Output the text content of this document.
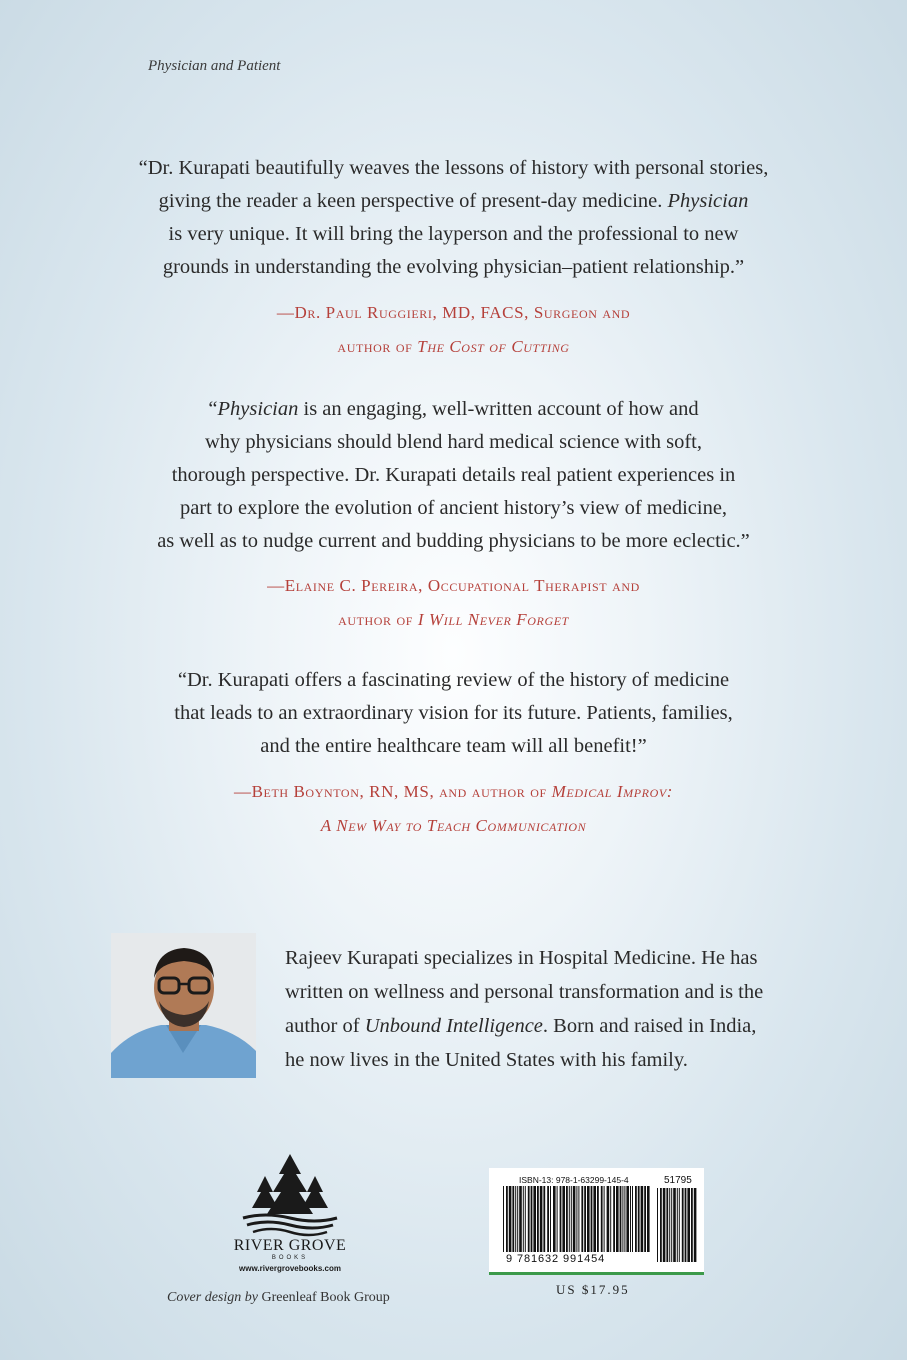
Physician and Patient
“Dr. Kurapati beautifully weaves the lessons of history with personal stories,
giving the reader a keen perspective of present-day medicine. Physician
is very unique. It will bring the layperson and the professional to new
grounds in understanding the evolving physician–patient relationship.”
—Dr. Paul Ruggieri, MD, FACS, Surgeon and
author of The Cost of Cutting
“Physician is an engaging, well-written account of how and
why physicians should blend hard medical science with soft,
thorough perspective. Dr. Kurapati details real patient experiences in
part to explore the evolution of ancient history’s view of medicine,
as well as to nudge current and budding physicians to be more eclectic.”
—Elaine C. Pereira, Occupational Therapist and
author of I Will Never Forget
“Dr. Kurapati offers a fascinating review of the history of medicine
that leads to an extraordinary vision for its future. Patients, families,
and the entire healthcare team will all benefit!”
—Beth Boynton, RN, MS, and author of Medical Improv:
A New Way to Teach Communication
Rajeev Kurapati specializes in Hospital Medicine. He has
written on wellness and personal transformation and is the
author of Unbound Intelligence. Born and raised in India,
he now lives in the United States with his family.
RIVER GROVE
BOOKS
www.rivergrovebooks.com
Cover design by Greenleaf Book Group
ISBN-13: 978-1-63299-145-4	51795
9 781632 991454
US $17.95
